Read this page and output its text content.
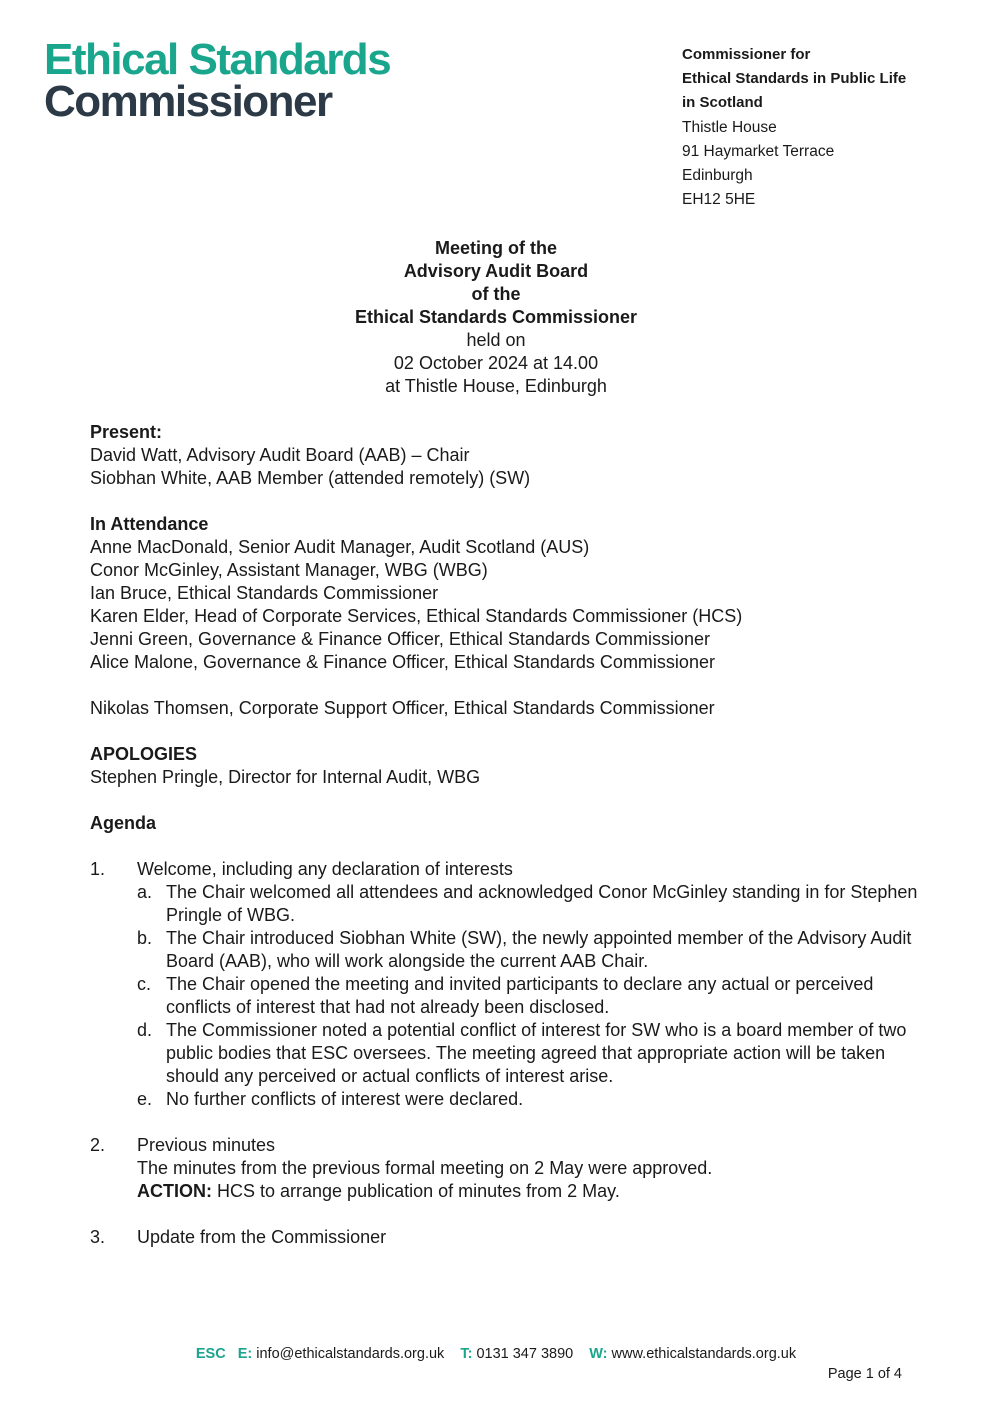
Ethical Standards
Commissioner
Commissioner for
Ethical Standards in Public Life
in Scotland
Thistle House
91 Haymarket Terrace
Edinburgh
EH12 5HE
Meeting of the
Advisory Audit Board
of the
Ethical Standards Commissioner
held on
02 October 2024 at 14.00
at Thistle House, Edinburgh
Present:
David Watt, Advisory Audit Board (AAB) – Chair
Siobhan White, AAB Member (attended remotely) (SW)
In Attendance
Anne MacDonald, Senior Audit Manager, Audit Scotland (AUS)
Conor McGinley, Assistant Manager, WBG (WBG)
Ian Bruce, Ethical Standards Commissioner
Karen Elder, Head of Corporate Services, Ethical Standards Commissioner (HCS)
Jenni Green, Governance & Finance Officer, Ethical Standards Commissioner
Alice Malone, Governance & Finance Officer, Ethical Standards Commissioner
Nikolas Thomsen, Corporate Support Officer, Ethical Standards Commissioner
APOLOGIES
Stephen Pringle, Director for Internal Audit, WBG
Agenda
1.	Welcome, including any declaration of interests
a. The Chair welcomed all attendees and acknowledged Conor McGinley standing in for Stephen Pringle of WBG.
b. The Chair introduced Siobhan White (SW), the newly appointed member of the Advisory Audit Board (AAB), who will work alongside the current AAB Chair.
c. The Chair opened the meeting and invited participants to declare any actual or perceived conflicts of interest that had not already been disclosed.
d. The Commissioner noted a potential conflict of interest for SW who is a board member of two public bodies that ESC oversees. The meeting agreed that appropriate action will be taken should any perceived or actual conflicts of interest arise.
e. No further conflicts of interest were declared.
2.	Previous minutes
The minutes from the previous formal meeting on 2 May were approved.
ACTION: HCS to arrange publication of minutes from 2 May.
3.	Update from the Commissioner
ESC E: info@ethicalstandards.org.uk T: 0131 347 3890 W: www.ethicalstandards.org.uk
Page 1 of 4
